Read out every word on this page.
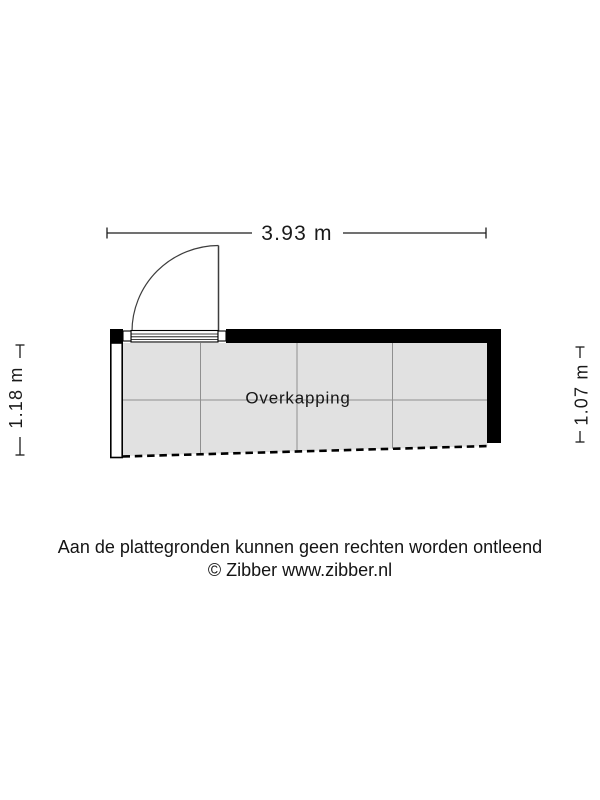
3.93 m
1.18 m	1.07 m
Overkapping
Aan de plattegronden kunnen geen rechten worden ontleend
© Zibber www.zibber.nl
